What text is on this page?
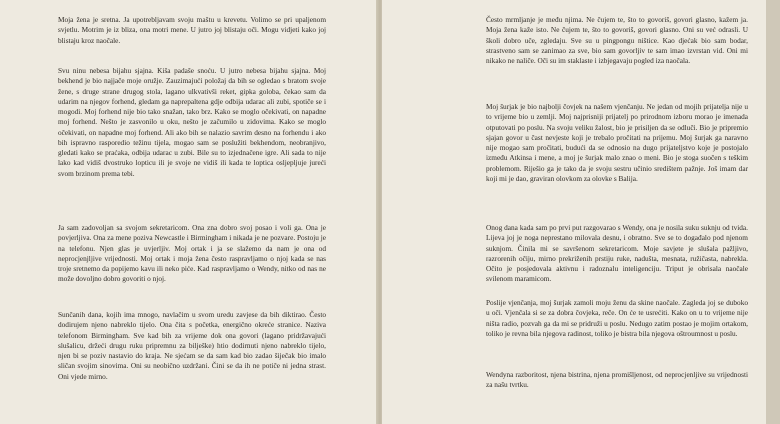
Moja žena je sretna. Ja upotrebljavam svoju maštu u krevetu. Volimo se pri upaljenom svjetlu. Motrim je iz bliza, ona motri mene. U jutro joj blistaju oči. Mogu vidjeti kako joj blistaju kroz naočale.

Svu ninu nebesa bijahu sjajna. Kiša padaše snoću. U jutro nebesa bijahu sjajna. Moj bekhend je bio najjače moje oružje. Zauzimajući položaj da bih se ogledao s bratom svoje žene, s druge strane drugog stola, lagano ulkvativši reket, gipka goloba, čekao sam da udarim na njegov forhend, gledam ga naprepaltena gdje odbija udarac ali zubi, spotiče se i mogodi. Moj forhend nije bio tako snažan, tako brz. Kako se moglo očekivati, on napadne moj forhend. Nešto je zasvonilo u oku, nešto je začumilo u zidovima. Kako se moglo očekivati, on napadne moj forhend. Ali ako bih se nalazio savrim desno na forhendu i ako bih ispravno rasporedio težinu tijela, mogao sam se poslužiti bekhendom, neobranjivo, gledati kako se praćaka, odbija udarac u zubi. Bile su to izjednačene igre. Ali sada to nije lako kad vidiš dvostruko lopticu ili je svoje ne vidiš ili kada te loptica osljepljuje jureći svom brzinom prema tebi.

Ja sam zadovoljan sa svojom sekretaricom. Ona zna dobro svoj posao i voli ga. Ona je povjerljiva. Ona za mene poziva Newcastle i Birmingham i nikada je ne pozvare. Postoju je na telefonu. Njen glas je uvjerljiv. Moj ortak i ja se slažemo da nam je ona od neprocjenjljive vrijednosti. Moj ortak i moja žena često raspravljamo o njoj kada se nas troje sretnemo da popijemo kavu ili neko piće. Kad raspravljamo o Wendy, nitko od nas ne može dovoljno dobro govoriti o njoj.

Sunčanih dana, kojih ima mnogo, navlačim u svom uredu zavjese da bih diktirao. Često dodirujem njeno nabreklo tijelo. Ona čita s početka, energično okreće stranice. Naziva telefonom Birmingham. Sve kad bih za vrijeme dok ona govori (lagano pridržavajući slušalicu, držeći drugu ruku pripremnu za bilješke) htio dodirnuti njeno nabreklo tijelo, njen bi se poziv nastavio do kraja. Ne sjećam se da sam kad bio zadao šiječak bio imalo sličan svojim sinovima. Oni su neobično uzdržani. Čini se da ih ne potiče ni jedna strast. Oni vjede mirno.

Često mrmljanje je među njima. Ne čujem te, što to govoriš, govori glasno, kažem ja. Moja žena kaže isto. Ne čujem te, što to govoriš, govori glasno. Oni su već odrasli. U školi dobro uče, zgledaju. Sve su u pingpongu ništice. Kao djećak bio sam bodar, strastveno sam se zanimao za sve, bio sam govorljiv te sam imao izvrstan vid. Oni mi nikako ne naliče. Oči su im staklaste i izbjegavaju pogled iza naočala.

Moj šurjak je bio najbolji čovjek na našem vjenčanju. Ne jedan od mojih prijatelja nije u to vrijeme bio u zemlji. Moj najprisniji prijatelj po prirodnom izboru morao je imenada otputovati po poslu. Na svoju veliku žalost, bio je prisiljen da se odluči. Bio je pripremio sjajan govor u čast nevjeste koji je trebalo pročitati na prijemu. Moj šurjak ga naravno nije mogao sam pročitati, budući da se odnosio na dugo prijateljstvo koje je postojalo između Atkinsa i mene, a moj je šurjak malo znao o meni. Bio je stoga suočen s teškim problemom. Riješio ga je tako da je svoju sestru učinio središtem pažnje. Još imam dar koji mi je dao, graviran olovkom za olovke s Balija.

Onog dana kada sam po prvi put razgovarao s Wendy, ona je nosila suku suknju od tvida. Lijeva joj je noga neprestano milovala desnu, i obratno. Sve se to događalo pod njenom suknjom. Činila mi se savršenom sekretaricom. Moje savjete je slušala pažljivo, razrorenih očiju, mirno prekriženih prstiju ruke, nadušta, mesnata, ružičasta, nabrekla. Očito je posjedovala aktivnu i radoznalu inteligenciju. Triput je obrisala naočale svilenom maramicom.

Poslije vjenčanja, moj šurjak zamoli moju ženu da skine naočale. Zagleda joj se duboko u oči. Vjenčala si se za dobra čovjeka, reče. On će te usrećiti. Kako on u to vrijeme nije ništa radio, pozvah ga da mi se pridruži u poslu. Nedugo zatim postao je mojim ortakom, toliko je revna bila njegova radinost, toliko je bistra bila njegova oštroumnost u poslu.

Wendyna razboritost, njena bistrina, njena promišljenost, od neprocjenljive su vrijednosti za našu tvrtku.
